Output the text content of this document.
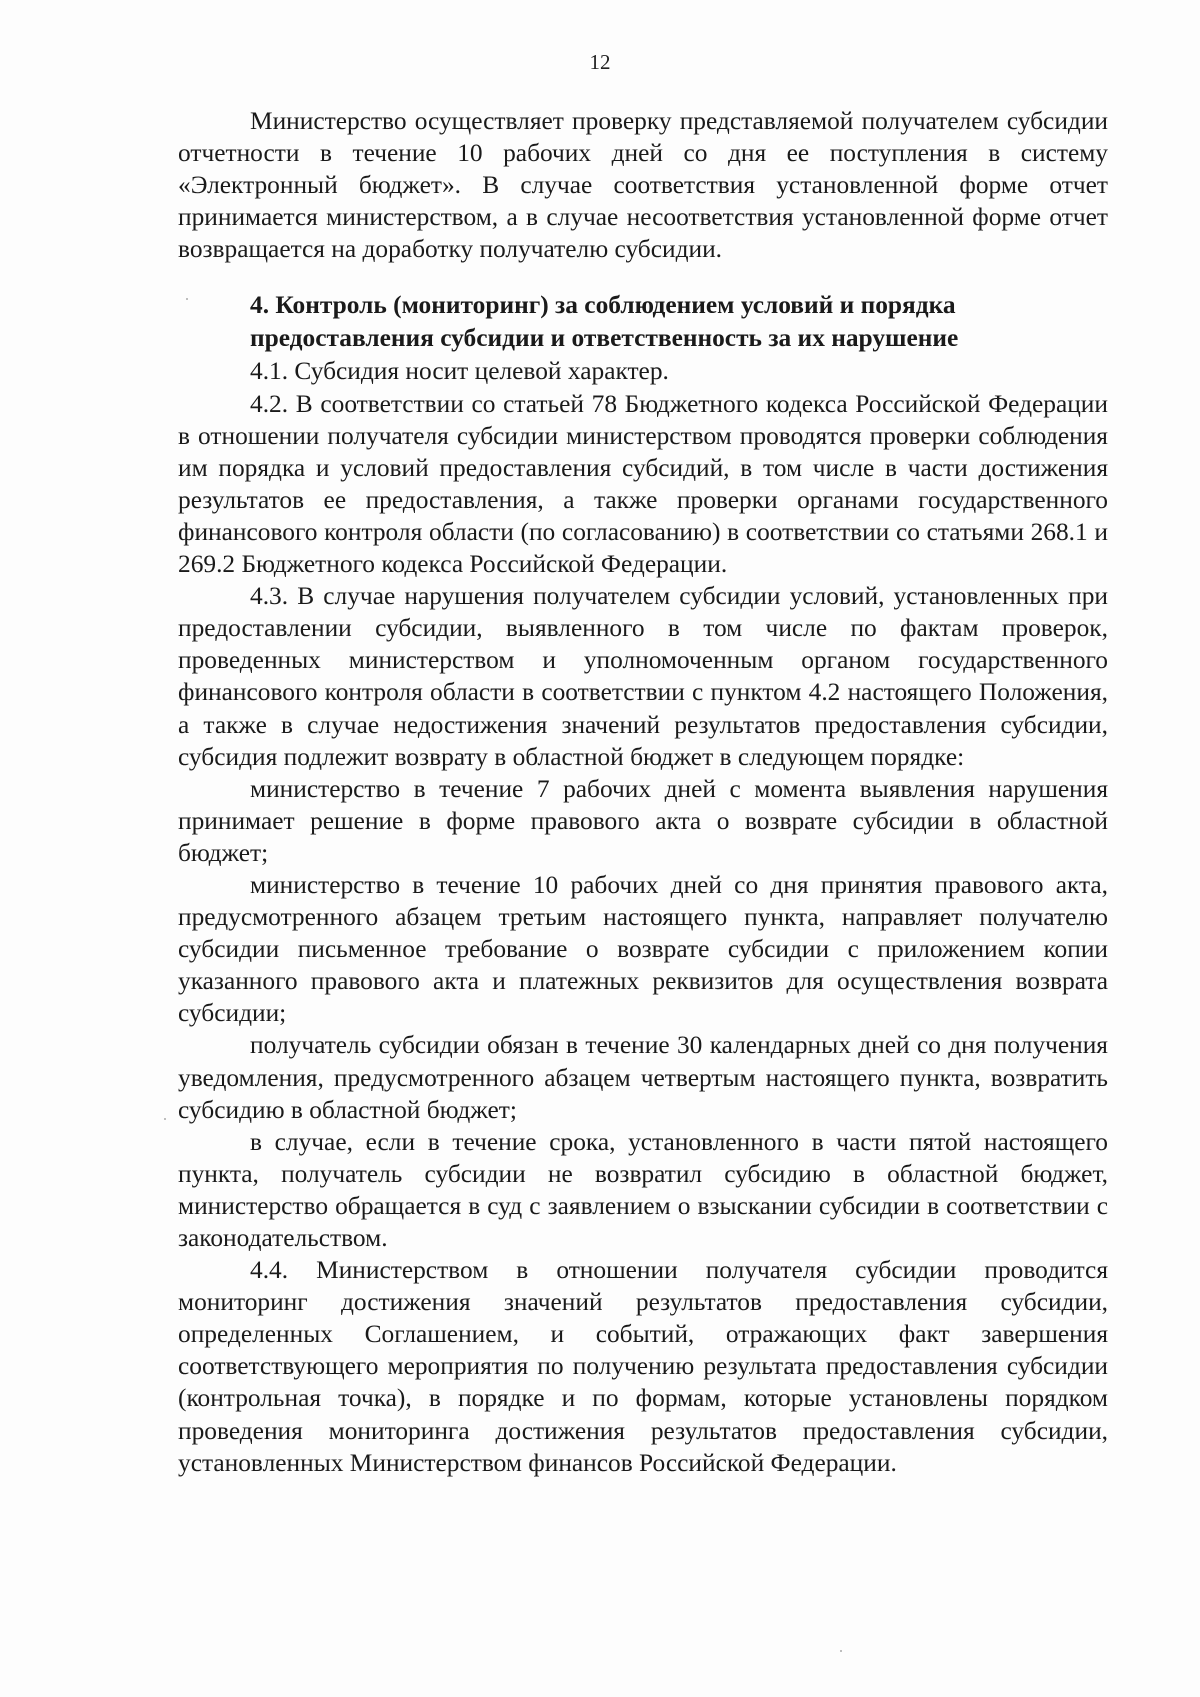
12

Министерство осуществляет проверку представляемой получателем субсидии отчетности в течение 10 рабочих дней со дня ее поступления в систему «Электронный бюджет». В случае соответствия установленной форме отчет принимается министерством, а в случае несоответствия установленной форме отчет возвращается на доработку получателю субсидии.

4. Контроль (мониторинг) за соблюдением условий и порядка предоставления субсидии и ответственность за их нарушение

4.1. Субсидия носит целевой характер.

4.2. В соответствии со статьей 78 Бюджетного кодекса Российской Федерации в отношении получателя субсидии министерством проводятся проверки соблюдения им порядка и условий предоставления субсидий, в том числе в части достижения результатов ее предоставления, а также проверки органами государственного финансового контроля области (по согласованию) в соответствии со статьями 268.1 и 269.2 Бюджетного кодекса Российской Федерации.

4.3. В случае нарушения получателем субсидии условий, установленных при предоставлении субсидии, выявленного в том числе по фактам проверок, проведенных министерством и уполномоченным органом государственного финансового контроля области в соответствии с пунктом 4.2 настоящего Положения, а также в случае недостижения значений результатов предоставления субсидии, субсидия подлежит возврату в областной бюджет в следующем порядке:

министерство в течение 7 рабочих дней с момента выявления нарушения принимает решение в форме правового акта о возврате субсидии в областной бюджет;

министерство в течение 10 рабочих дней со дня принятия правового акта, предусмотренного абзацем третьим настоящего пункта, направляет получателю субсидии письменное требование о возврате субсидии с приложением копии указанного правового акта и платежных реквизитов для осуществления возврата субсидии;

получатель субсидии обязан в течение 30 календарных дней со дня получения уведомления, предусмотренного абзацем четвертым настоящего пункта, возвратить субсидию в областной бюджет;

в случае, если в течение срока, установленного в части пятой настоящего пункта, получатель субсидии не возвратил субсидию в областной бюджет, министерство обращается в суд с заявлением о взыскании субсидии в соответствии с законодательством.

4.4. Министерством в отношении получателя субсидии проводится мониторинг достижения значений результатов предоставления субсидии, определенных Соглашением, и событий, отражающих факт завершения соответствующего мероприятия по получению результата предоставления субсидии (контрольная точка), в порядке и по формам, которые установлены порядком проведения мониторинга достижения результатов предоставления субсидии, установленных Министерством финансов Российской Федерации.
